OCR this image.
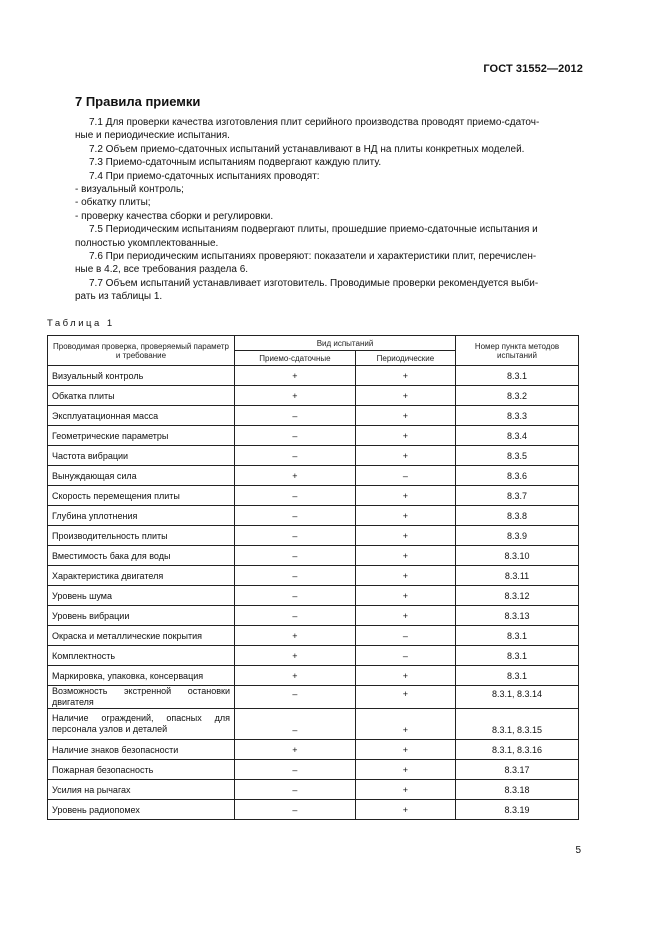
ГОСТ 31552—2012
7 Правила приемки
7.1 Для проверки качества изготовления плит серийного производства проводят приемо-сдаточ-
ные и периодические испытания.
7.2 Объем приемо-сдаточных испытаний устанавливают в НД на плиты конкретных моделей.
7.3 Приемо-сдаточным испытаниям подвергают каждую плиту.
7.4 При приемо-сдаточных испытаниях проводят:
- визуальный контроль;
- обкатку плиты;
- проверку качества сборки и регулировки.
7.5 Периодическим испытаниям подвергают плиты, прошедшие приемо-сдаточные испытания и
полностью укомплектованные.
7.6 При периодическим испытаниях проверяют: показатели и характеристики плит, перечислен-
ные в 4.2, все требования раздела 6.
7.7 Объем испытаний устанавливает изготовитель. Проводимые проверки рекомендуется выби-
рать из таблицы 1.
Таблица 1
Проводимая проверка, проверяемый параметр и требование	Вид испытаний		Номер пункта методов испытаний
	Приемо-сдаточные	Периодические	
Визуальный контроль	+	+	8.3.1
Обкатка плиты	+	+	8.3.2
Эксплуатационная масса	–	+	8.3.3
Геометрические параметры	–	+	8.3.4
Частота вибрации	–	+	8.3.5
Вынуждающая сила	+	–	8.3.6
Скорость перемещения плиты	–	+	8.3.7
Глубина уплотнения	–	+	8.3.8
Производительность плиты	–	+	8.3.9
Вместимость бака для воды	–	+	8.3.10
Характеристика двигателя	–	+	8.3.11
Уровень шума	–	+	8.3.12
Уровень вибрации	–	+	8.3.13
Окраска и металлические покрытия	+	–	8.3.1
Комплектность	+	–	8.3.1
Маркировка, упаковка, консервация	+	+	8.3.1
Возможность экстренной остановки двигателя	–	+	8.3.1, 8.3.14
Наличие ограждений, опасных для персонала узлов и деталей	–	+	8.3.1, 8.3.15
Наличие знаков безопасности	+	+	8.3.1, 8.3.16
Пожарная безопасность	–	+	8.3.17
Усилия на рычагах	–	+	8.3.18
Уровень радиопомех	–	+	8.3.19
5
